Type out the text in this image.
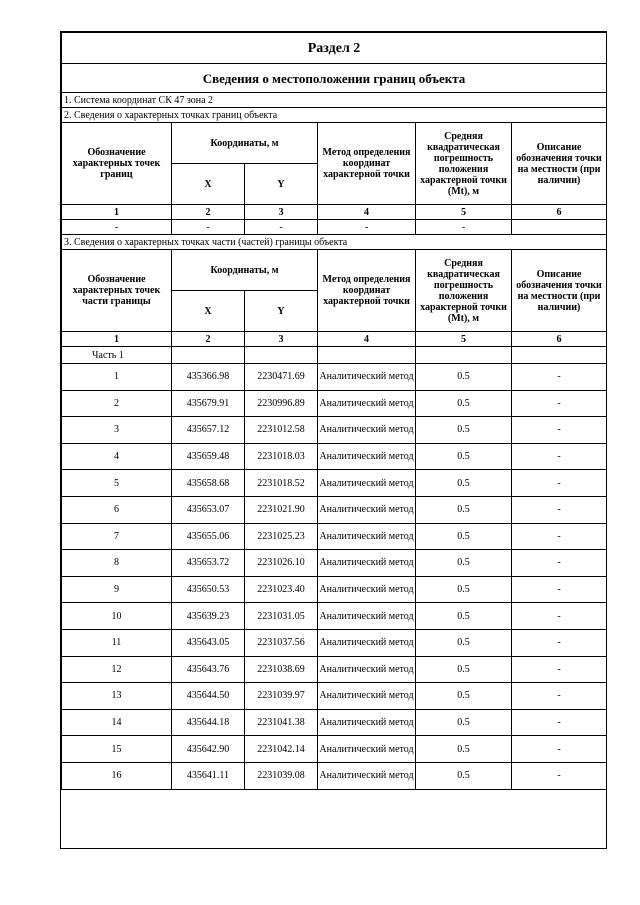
Раздел 2					
Сведения о местоположении границ объекта					
1. Система координат СК 47 зона 2					
2. Сведения о характерных точках границ объекта					
Обозначение характерных точек границ	Координаты, м		Метод определения координат характерной точки	Средняя квадратическая погрешность положения характерной точки (Mt), м	Описание обозначения точки на местности (при наличии)
	X	Y			
1	2	3	4	5	6
-	-	-	-	-	
3. Сведения о характерных точках части (частей) границы объекта					
Обозначение характерных точек части границы	Координаты, м		Метод определения координат характерной точки	Средняя квадратическая погрешность положения характерной точки (Mt), м	Описание обозначения точки на местности (при наличии)
	X	Y			
1	2	3	4	5	6
Часть 1					
1	435366.98	2230471.69	Аналитический метод	0.5	-
2	435679.91	2230996.89	Аналитический метод	0.5	-
3	435657.12	2231012.58	Аналитический метод	0.5	-
4	435659.48	2231018.03	Аналитический метод	0.5	-
5	435658.68	2231018.52	Аналитический метод	0.5	-
6	435653.07	2231021.90	Аналитический метод	0.5	-
7	435655.06	2231025.23	Аналитический метод	0.5	-
8	435653.72	2231026.10	Аналитический метод	0.5	-
9	435650.53	2231023.40	Аналитический метод	0.5	-
10	435639.23	2231031.05	Аналитический метод	0.5	-
11	435643.05	2231037.56	Аналитический метод	0.5	-
12	435643.76	2231038.69	Аналитический метод	0.5	-
13	435644.50	2231039.97	Аналитический метод	0.5	-
14	435644.18	2231041.38	Аналитический метод	0.5	-
15	435642.90	2231042.14	Аналитический метод	0.5	-
16	435641.11	2231039.08	Аналитический метод	0.5	-
